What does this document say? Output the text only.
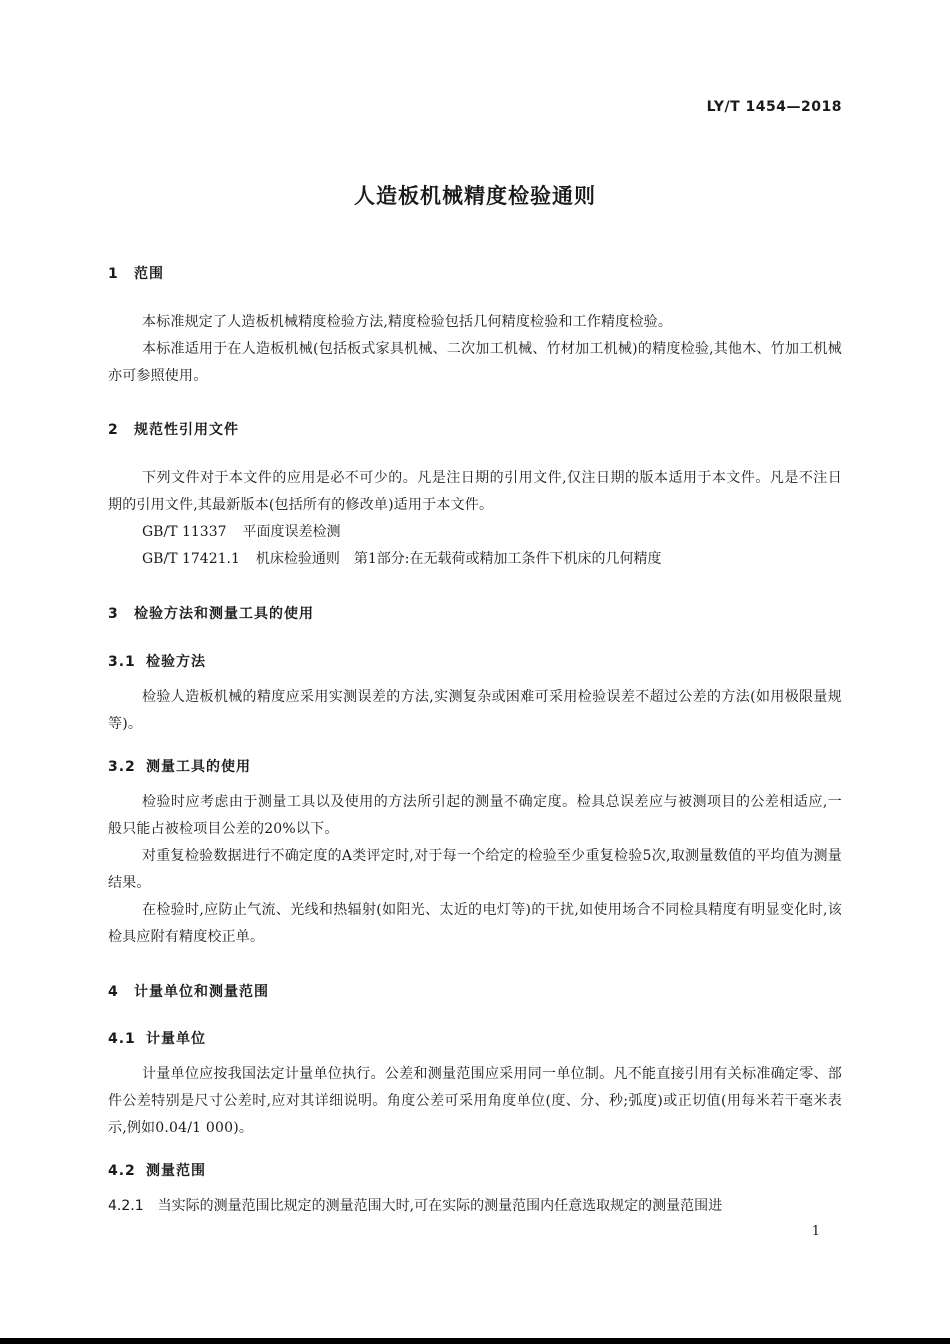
LY/T 1454—2018
人造板机械精度检验通则
1 范围
本标准规定了人造板机械精度检验方法,精度检验包括几何精度检验和工作精度检验。
本标准适用于在人造板机械(包括板式家具机械、二次加工机械、竹材加工机械)的精度检验,其他木、竹加工机械亦可参照使用。
2 规范性引用文件
下列文件对于本文件的应用是必不可少的。凡是注日期的引用文件,仅注日期的版本适用于本文件。凡是不注日期的引用文件,其最新版本(包括所有的修改单)适用于本文件。
GB/T 11337 平面度误差检测
GB/T 17421.1 机床检验通则　第1部分:在无载荷或精加工条件下机床的几何精度
3 检验方法和测量工具的使用
3.1 检验方法
检验人造板机械的精度应采用实测误差的方法,实测复杂或困难可采用检验误差不超过公差的方法(如用极限量规等)。
3.2 测量工具的使用
检验时应考虑由于测量工具以及使用的方法所引起的测量不确定度。检具总误差应与被测项目的公差相适应,一般只能占被检项目公差的20%以下。
对重复检验数据进行不确定度的A类评定时,对于每一个给定的检验至少重复检验5次,取测量数值的平均值为测量结果。
在检验时,应防止气流、光线和热辐射(如阳光、太近的电灯等)的干扰,如使用场合不同检具精度有明显变化时,该检具应附有精度校正单。
4 计量单位和测量范围
4.1 计量单位
计量单位应按我国法定计量单位执行。公差和测量范围应采用同一单位制。凡不能直接引用有关标准确定零、部件公差特别是尺寸公差时,应对其详细说明。角度公差可采用角度单位(度、分、秒;弧度)或正切值(用每米若干毫米表示,例如0.04/1 000)。
4.2 测量范围
4.2.1 当实际的测量范围比规定的测量范围大时,可在实际的测量范围内任意选取规定的测量范围进
1
